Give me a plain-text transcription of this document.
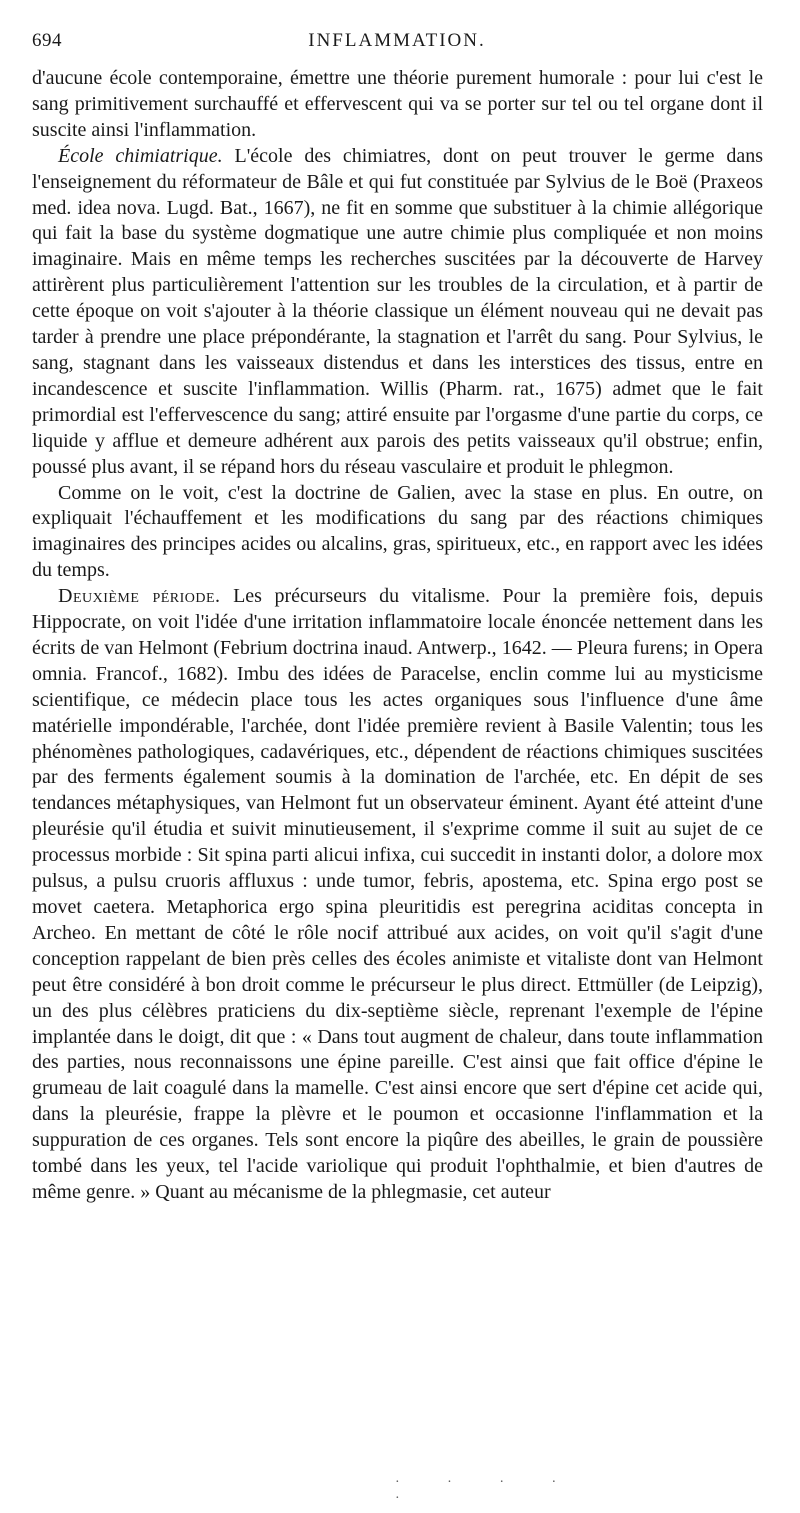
694	INFLAMMATION.

d'aucune école contemporaine, émettre une théorie purement humorale : pour lui c'est le sang primitivement surchauffé et effervescent qui va se porter sur tel ou tel organe dont il suscite ainsi l'inflammation.

École chimiatrique. L'école des chimiatres, dont on peut trouver le germe dans l'enseignement du réformateur de Bâle et qui fut constituée par Sylvius de le Boë (Praxeos med. idea nova. Lugd. Bat., 1667), ne fit en somme que substituer à la chimie allégorique qui fait la base du système dogmatique une autre chimie plus compliquée et non moins imaginaire. Mais en même temps les recherches suscitées par la découverte de Harvey attirèrent plus particulièrement l'attention sur les troubles de la circulation, et à partir de cette époque on voit s'ajouter à la théorie classique un élément nouveau qui ne devait pas tarder à prendre une place prépondérante, la stagnation et l'arrêt du sang. Pour Sylvius, le sang, stagnant dans les vaisseaux distendus et dans les interstices des tissus, entre en incandescence et suscite l'inflammation. Willis (Pharm. rat., 1675) admet que le fait primordial est l'effervescence du sang; attiré ensuite par l'orgasme d'une partie du corps, ce liquide y afflue et demeure adhérent aux parois des petits vaisseaux qu'il obstrue; enfin, poussé plus avant, il se répand hors du réseau vasculaire et produit le phlegmon.

Comme on le voit, c'est la doctrine de Galien, avec la stase en plus. En outre, on expliquait l'échauffement et les modifications du sang par des réactions chimiques imaginaires des principes acides ou alcalins, gras, spiritueux, etc., en rapport avec les idées du temps.

Deuxième période. Les précurseurs du vitalisme. Pour la première fois, depuis Hippocrate, on voit l'idée d'une irritation inflammatoire locale énoncée nettement dans les écrits de van Helmont (Febrium doctrina inaud. Antwerp., 1642. — Pleura furens; in Opera omnia. Francof., 1682). Imbu des idées de Paracelse, enclin comme lui au mysticisme scientifique, ce médecin place tous les actes organiques sous l'influence d'une âme matérielle impondérable, l'archée, dont l'idée première revient à Basile Valentin; tous les phénomènes pathologiques, cadavériques, etc., dépendent de réactions chimiques suscitées par des ferments également soumis à la domination de l'archée, etc. En dépit de ses tendances métaphysiques, van Helmont fut un observateur éminent. Ayant été atteint d'une pleurésie qu'il étudia et suivit minutieusement, il s'exprime comme il suit au sujet de ce processus morbide : Sit spina parti alicui infixa, cui succedit in instanti dolor, a dolore mox pulsus, a pulsu cruoris affluxus : unde tumor, febris, apostema, etc. Spina ergo post se movet caetera. Metaphorica ergo spina pleuritidis est peregrina aciditas concepta in Archeo. En mettant de côté le rôle nocif attribué aux acides, on voit qu'il s'agit d'une conception rappelant de bien près celles des écoles animiste et vitaliste dont van Helmont peut être considéré à bon droit comme le précurseur le plus direct. Ettmüller (de Leipzig), un des plus célèbres praticiens du dix-septième siècle, reprenant l'exemple de l'épine implantée dans le doigt, dit que : « Dans tout augment de chaleur, dans toute inflammation des parties, nous reconnaissons une épine pareille. C'est ainsi que fait office d'épine le grumeau de lait coagulé dans la mamelle. C'est ainsi encore que sert d'épine cet acide qui, dans la pleurésie, frappe la plèvre et le poumon et occasionne l'inflammation et la suppuration de ces organes. Tels sont encore la piqûre des abeilles, le grain de poussière tombé dans les yeux, tel l'acide variolique qui produit l'ophthalmie, et bien d'autres de même genre. » Quant au mécanisme de la phlegmasie, cet auteur

· · · · ·
